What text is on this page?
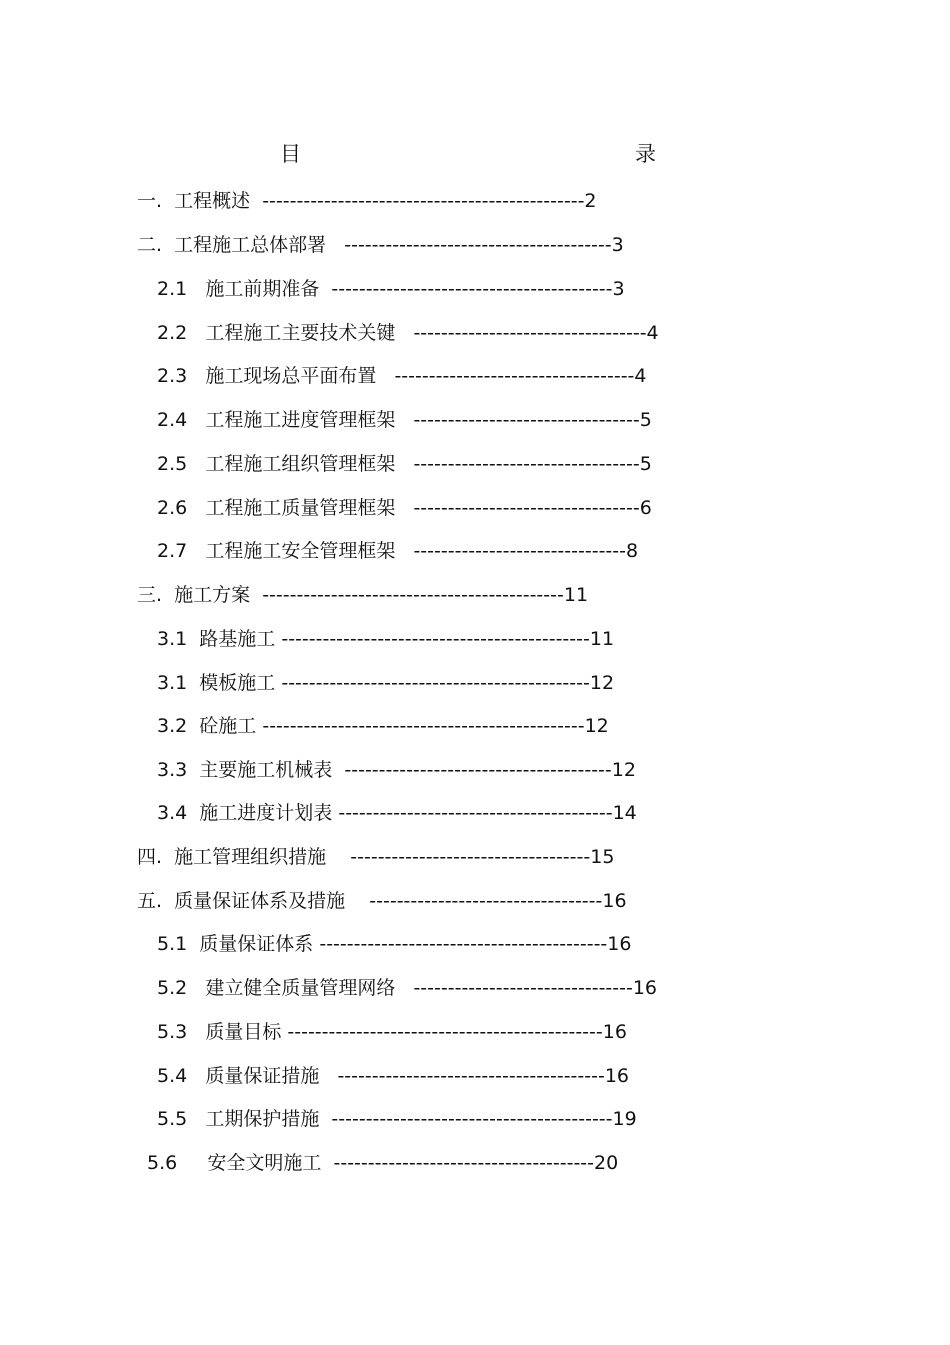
目      录
一.  工程概述  -----------------------------------------------2
二.  工程施工总体部署   ---------------------------------------3
2.1   施工前期准备  -----------------------------------------3
2.2   工程施工主要技术关键   ----------------------------------4
2.3   施工现场总平面布置   -----------------------------------4
2.4   工程施工进度管理框架   ---------------------------------5
2.5   工程施工组织管理框架   ---------------------------------5
2.6   工程施工质量管理框架   ---------------------------------6
2.7   工程施工安全管理框架   -------------------------------8
三.  施工方案  --------------------------------------------11
3.1  路基施工 ---------------------------------------------11
3.1  模板施工 ---------------------------------------------12
3.2  砼施工 -----------------------------------------------12
3.3  主要施工机械表  ---------------------------------------12
3.4  施工进度计划表 ----------------------------------------14
四.  施工管理组织措施    -----------------------------------15
五.  质量保证体系及措施    ----------------------------------16
5.1  质量保证体系 ------------------------------------------16
5.2   建立健全质量管理网络   --------------------------------16
5.3   质量目标 ----------------------------------------------16
5.4   质量保证措施   ---------------------------------------16
5.5   工期保护措施  -----------------------------------------19
5.6     安全文明施工  --------------------------------------20
